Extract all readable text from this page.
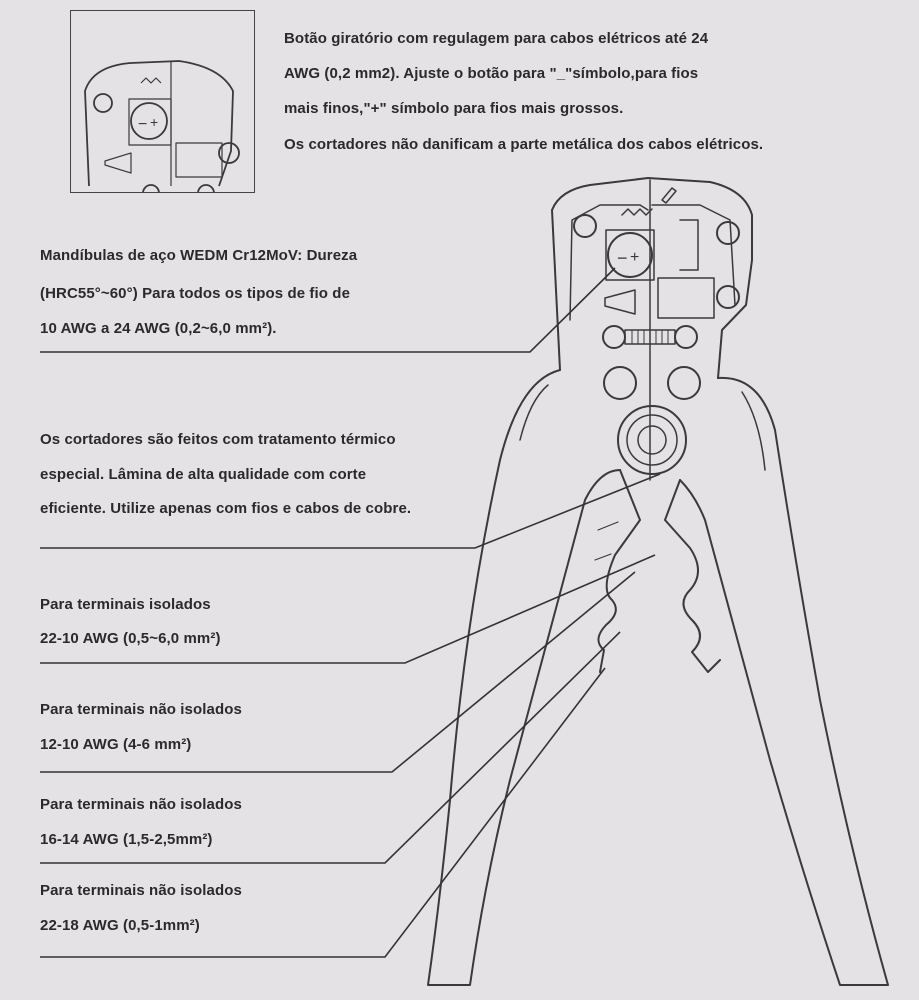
− +
− +
Botão giratório com regulagem para cabos elétricos até 24
AWG (0,2 mm2). Ajuste o botão para "_"símbolo,para fios
mais finos,"+" símbolo para fios mais grossos.
Os cortadores não danificam a parte metálica dos cabos elétricos.
Mandíbulas de aço WEDM Cr12MoV: Dureza
(HRC55°~60°) Para todos os tipos de fio de
10 AWG a 24 AWG (0,2~6,0 mm²).
Os cortadores são feitos com tratamento térmico
especial. Lâmina de alta qualidade com corte
eficiente. Utilize apenas com fios e cabos de cobre.
Para terminais isolados
22-10 AWG (0,5~6,0 mm²)
Para terminais não isolados
12-10 AWG (4-6 mm²)
Para terminais não isolados
16-14 AWG (1,5-2,5mm²)
Para terminais não isolados
22-18 AWG (0,5-1mm²)
